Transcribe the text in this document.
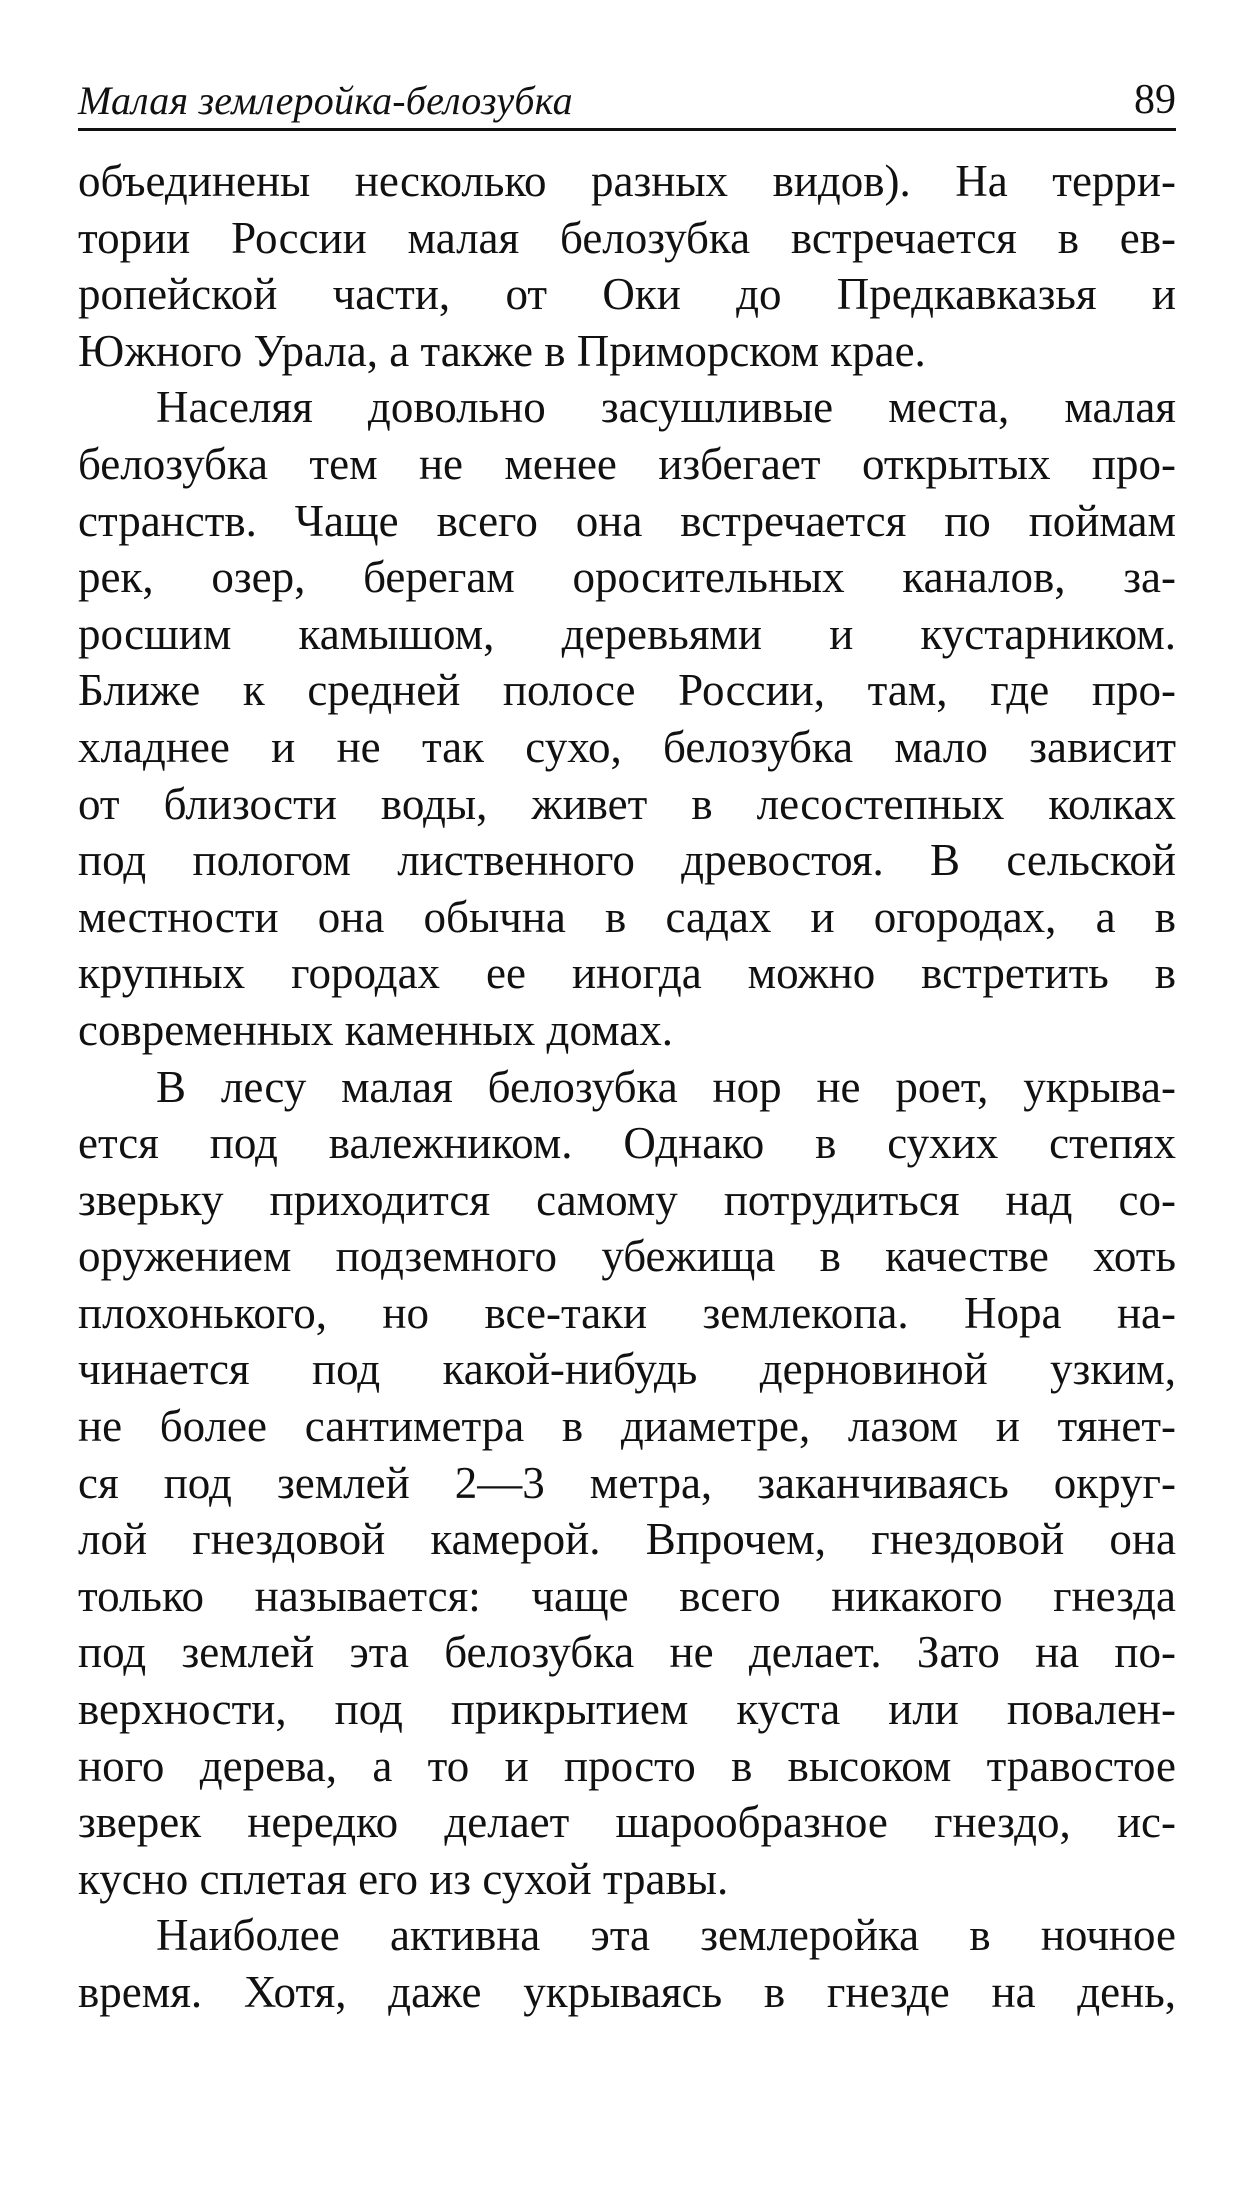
Малая землеройка-белозубка	89
объединены несколько разных видов). На терри-
тории России малая белозубка встречается в ев-
ропейской части, от Оки до Предкавказья и
Южного Урала, а также в Приморском крае.
Населяя довольно засушливые места, малая
белозубка тем не менее избегает открытых про-
странств. Чаще всего она встречается по поймам
рек, озер, берегам оросительных каналов, за-
росшим камышом, деревьями и кустарником.
Ближе к средней полосе России, там, где про-
хладнее и не так сухо, белозубка мало зависит
от близости воды, живет в лесостепных колках
под пологом лиственного древостоя. В сельской
местности она обычна в садах и огородах, а в
крупных городах ее иногда можно встретить в
современных каменных домах.
В лесу малая белозубка нор не роет, укрыва-
ется под валежником. Однако в сухих степях
зверьку приходится самому потрудиться над со-
оружением подземного убежища в качестве хоть
плохонького, но все-таки землекопа. Нора на-
чинается под какой-нибудь дерновиной узким,
не более сантиметра в диаметре, лазом и тянет-
ся под землей 2—3 метра, заканчиваясь округ-
лой гнездовой камерой. Впрочем, гнездовой она
только называется: чаще всего никакого гнезда
под землей эта белозубка не делает. Зато на по-
верхности, под прикрытием куста или повален-
ного дерева, а то и просто в высоком травостое
зверек нередко делает шарообразное гнездо, ис-
кусно сплетая его из сухой травы.
Наиболее активна эта землеройка в ночное
время. Хотя, даже укрываясь в гнезде на день,
